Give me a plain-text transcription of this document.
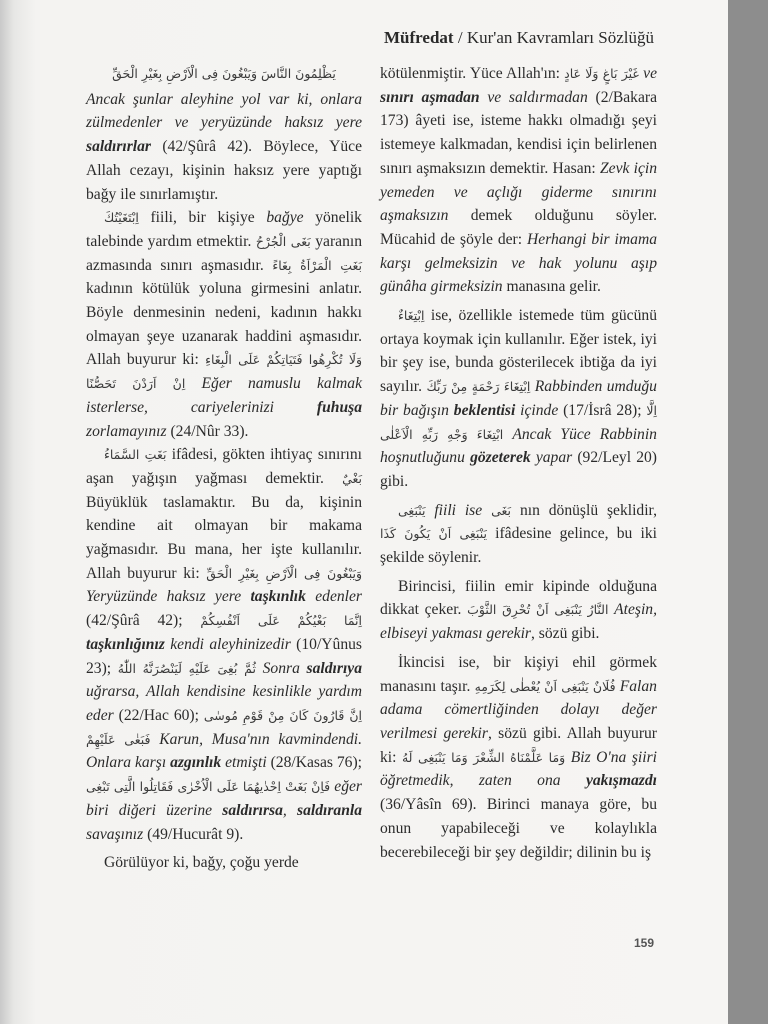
Müfredat / Kur'an Kavramları Sözlüğü

يَظْلِمُونَ النَّاسَ وَيَبْغُونَ فِى الْاَرْضِ بِغَيْرِ الْحَقِّ
Ancak şunlar aleyhine yol var ki, onlara zülmedenler ve yeryüzünde haksız yere saldırırlar (42/Şûrâ 42). Böylece, Yüce Allah cezayı, kişinin haksız yere yaptığı bağy ile sınırlamıştır.

اِبْتَغَيْتُكَ fiili, bir kişiye bağye yönelik talebinde yardım etmektir. بَغَى الْجُرْحُ yaranın azmasında sınırı aşmasıdır. بَغَتِ الْمَرْاَةُ بِغَاءً kadının kötülük yoluna girmesini anlatır. Böyle denmesinin nedeni, kadının hakkı olmayan şeye uzanarak haddini aşmasıdır. Allah buyurur ki: وَلَا تُكْرِهُوا فَتَيَاتِكُمْ عَلَى الْبِغَاءِ اِنْ اَرَدْنَ تَحَصُّنًا Eğer namuslu kalmak isterlerse, cariyelerinizi fuhuşa zorlamayınız (24/Nûr 33).

بَغَتِ السَّمَاءُ ifâdesi, gökten ihtiyaç sınırını aşan yağışın yağması demektir. بَغْيٌ Büyüklük taslamaktır. Bu da, kişinin kendine ait olmayan bir makama yağmasıdır. Bu mana, her işte kullanılır. Allah buyurur ki: وَيَبْغُونَ فِى الْاَرْضِ بِغَيْرِ الْحَقِّ Yeryüzünde haksız yere taşkınlık edenler (42/Şûrâ 42); اِنَّمَا بَغْيُكُمْ عَلَى اَنْفُسِكُمْ taşkınlığınız kendi aleyhinizedir (10/Yûnus 23); ثُمَّ بُغِىَ عَلَيْهِ لَيَنْصُرَنَّهُ اللّٰهُ Sonra saldırıya uğrarsa, Allah kendisine kesinlikle yardım eder (22/Hac 60); اِنَّ قَارُونَ كَانَ مِنْ قَوْمِ مُوسٰى فَبَغٰى عَلَيْهِمْ Karun, Musa'nın kavmindendi. Onlara karşı azgınlık etmişti (28/Kasas 76); فَاِنْ بَغَتْ اِحْدٰيهُمَا عَلَى الْاُخْرٰى فَقَاتِلُوا الَّتِى تَبْغِى eğer biri diğeri üzerine saldırırsa, saldıranla savaşınız (49/Hucurât 9).

Görülüyor ki, bağy, çoğu yerde

kötülenmiştir. Yüce Allah'ın: غَيْرَ بَاغٍ وَلَا عَادٍ ve sınırı aşmadan ve saldırmadan (2/Bakara 173) âyeti ise, isteme hakkı olmadığı şeyi istemeye kalkmadan, kendisi için belirlenen sınırı aşmaksızın demektir. Hasan: Zevk için yemeden ve açlığı giderme sınırını aşmaksızın demek olduğunu söyler. Mücahid de şöyle der: Herhangi bir imama karşı gelmeksizin ve hak yolunu aşıp günâha girmeksizin manasına gelir.

اِبْتِغَاءٌ ise, özellikle istemede tüm gücünü ortaya koymak için kullanılır. Eğer istek, iyi bir şey ise, bunda gösterilecek ibtiğa da iyi sayılır. اِبْتِغَاءَ رَحْمَةٍ مِنْ رَبِّكَ Rabbinden umduğu bir bağışın beklentisi içinde (17/İsrâ 28); اِلَّا ابْتِغَاءَ وَجْهِ رَبِّهِ الْاَعْلٰى Ancak Yüce Rabbinin hoşnutluğunu gözeterek yapar (92/Leyl 20) gibi.

يَنْبَغِى fiili ise بَغَى nın dönüşlü şeklidir, يَنْبَغِى اَنْ يَكُونَ كَذَا ifâdesine gelince, bu iki şekilde söylenir.

Birincisi, fiilin emir kipinde olduğuna dikkat çeker. النَّارُ يَنْبَغِى اَنْ تُحْرِقَ الثَّوْبَ Ateşin, elbiseyi yakması gerekir, sözü gibi.

İkincisi ise, bir kişiyi ehil görmek manasını taşır. فُلَانٌ يَنْبَغِى اَنْ يُعْطٰى لِكَرَمِهِ Falan adama cömertliğinden dolayı değer verilmesi gerekir, sözü gibi. Allah buyurur ki: وَمَا عَلَّمْنَاهُ الشِّعْرَ وَمَا يَنْبَغِى لَهُ Biz O'na şiiri öğretmedik, zaten ona yakışmazdı (36/Yâsîn 69). Birinci manaya göre, bu onun yapabileceği ve kolaylıkla becerebileceği bir şey değildir; dilinin bu iş

159
